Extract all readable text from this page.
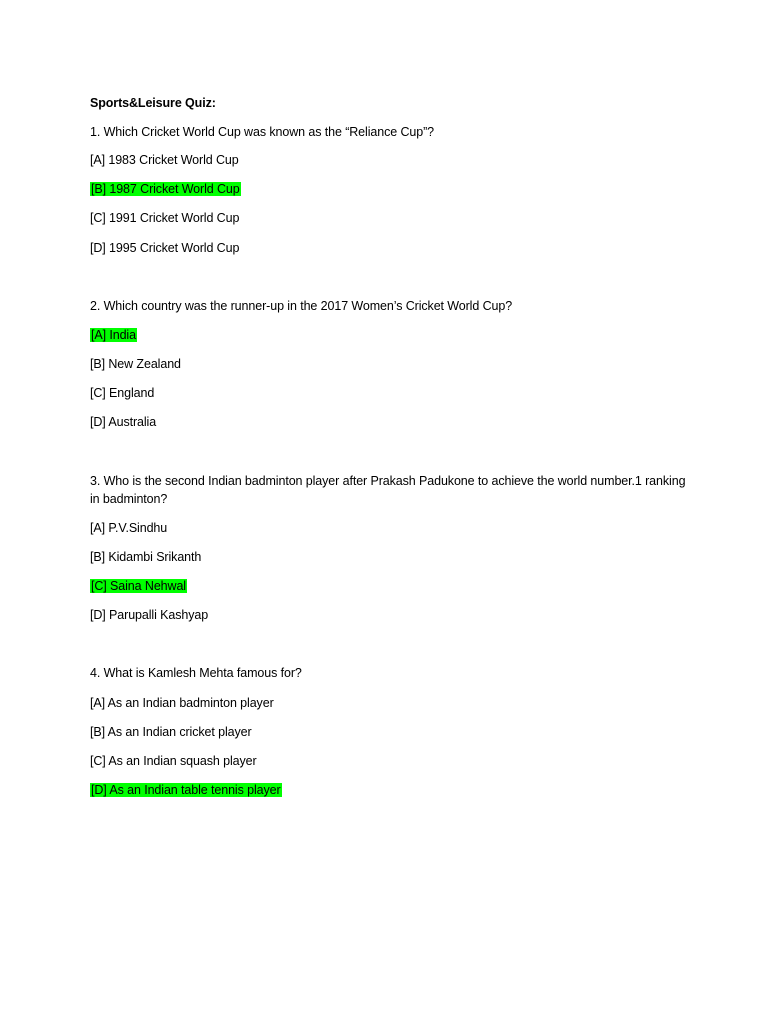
Sports&Leisure Quiz:
1. Which Cricket World Cup was known as the “Reliance Cup”?
[A] 1983 Cricket World Cup
[B] 1987 Cricket World Cup
[C] 1991 Cricket World Cup
[D] 1995 Cricket World Cup
2. Which country was the runner-up in the 2017 Women’s Cricket World Cup?
[A] India
[B] New Zealand
[C] England
[D] Australia
3. Who is the second Indian badminton player after Prakash Padukone to achieve the world number.1 ranking in badminton?
[A] P.V.Sindhu
[B] Kidambi Srikanth
[C] Saina Nehwal
[D] Parupalli Kashyap
4. What is Kamlesh Mehta famous for?
[A] As an Indian badminton player
[B] As an Indian cricket player
[C] As an Indian squash player
[D] As an Indian table tennis player
